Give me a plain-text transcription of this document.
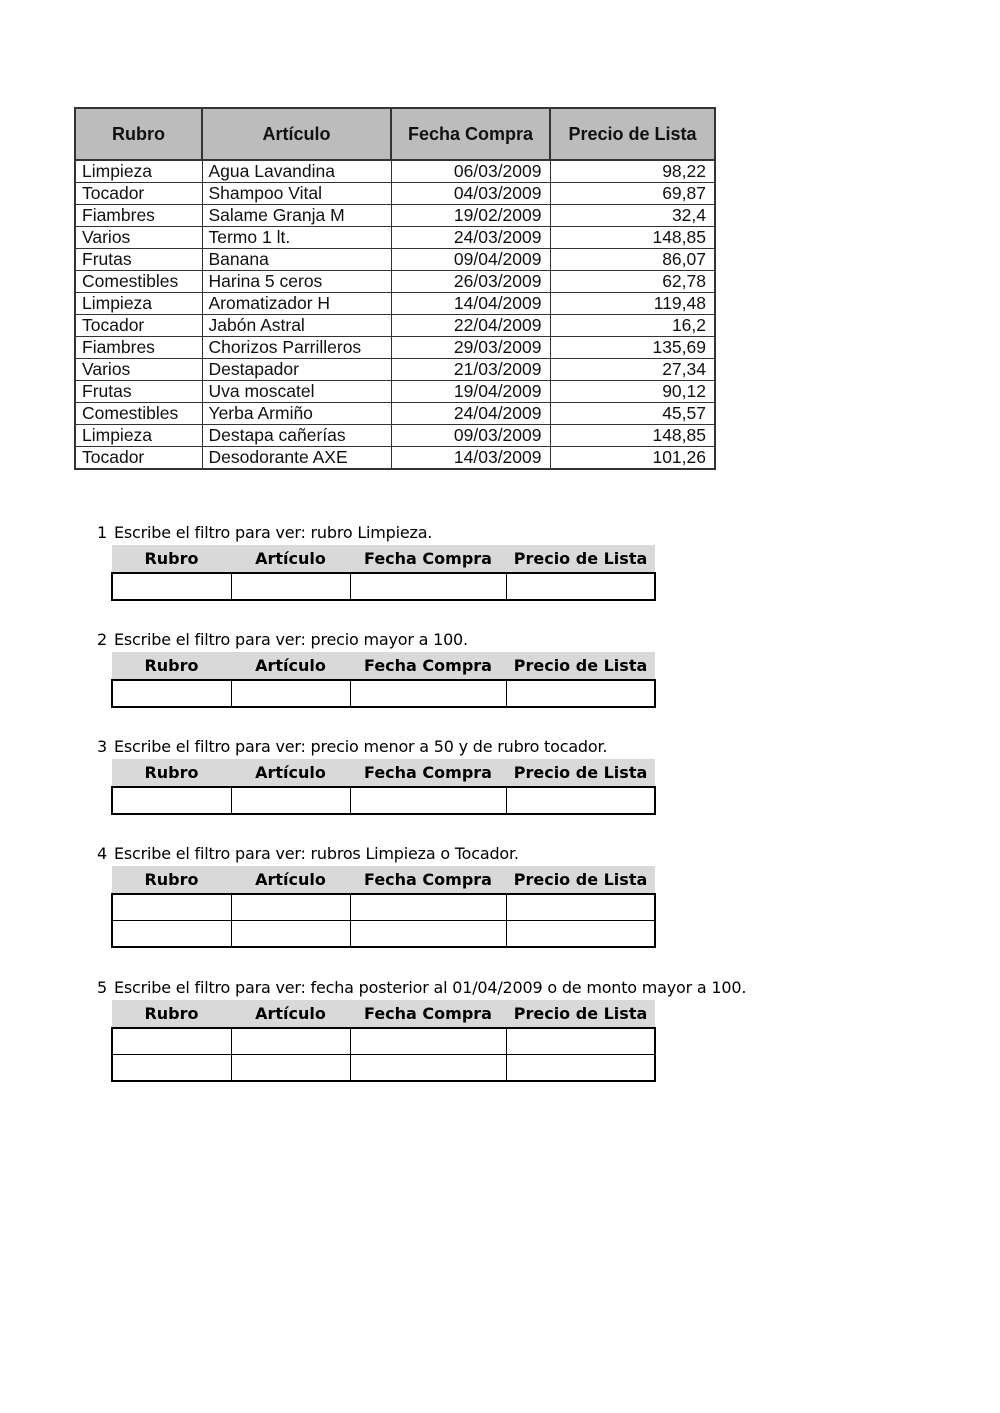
Rubro	Artículo	Fecha Compra	Precio de Lista
Limpieza	Agua Lavandina	06/03/2009	98,22
Tocador	Shampoo Vital	04/03/2009	69,87
Fiambres	Salame Granja M	19/02/2009	32,4
Varios	Termo 1 lt.	24/03/2009	148,85
Frutas	Banana	09/04/2009	86,07
Comestibles	Harina 5 ceros	26/03/2009	62,78
Limpieza	Aromatizador H	14/04/2009	119,48
Tocador	Jabón Astral	22/04/2009	16,2
Fiambres	Chorizos Parrilleros	29/03/2009	135,69
Varios	Destapador	21/03/2009	27,34
Frutas	Uva moscatel	19/04/2009	90,12
Comestibles	Yerba Armiño	24/04/2009	45,57
Limpieza	Destapa cañerías	09/03/2009	148,85
Tocador	Desodorante AXE	14/03/2009	101,26
1 Escribe el filtro para ver: rubro Limpieza.
Rubro	Artículo	Fecha Compra	Precio de Lista

2 Escribe el filtro para ver: precio mayor a 100.
Rubro	Artículo	Fecha Compra	Precio de Lista

3 Escribe el filtro para ver: precio menor a 50 y de rubro tocador.
Rubro	Artículo	Fecha Compra	Precio de Lista

4 Escribe el filtro para ver: rubros Limpieza o Tocador.
Rubro	Artículo	Fecha Compra	Precio de Lista

5 Escribe el filtro para ver: fecha posterior al 01/04/2009 o de monto mayor a 100.
Rubro	Artículo	Fecha Compra	Precio de Lista
